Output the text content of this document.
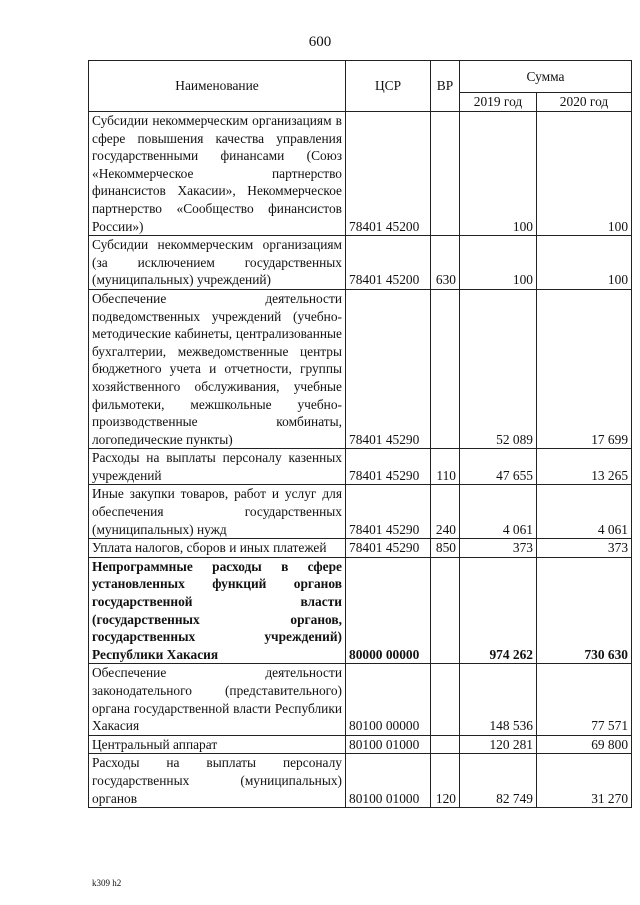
600
Наименование	ЦСР	ВР	Сумма	
			2019 год	2020 год
Субсидии некоммерческим организациям в сфере повышения качества управления государственными финансами (Союз «Некоммерческое партнерство финансистов Хакасии», Некоммерческое партнерство «Сообщество финансистов России»)	78401 45200		100	100
Субсидии некоммерческим организациям (за исключением государственных (муниципальных) учреждений)	78401 45200	630	100	100
Обеспечение деятельности подведомственных учреждений (учебно-методические кабинеты, централизованные бухгалтерии, межведомственные центры бюджетного учета и отчетности, группы хозяйственного обслуживания, учебные фильмотеки, межшкольные учебно-производственные комбинаты, логопедические пункты)	78401 45290		52 089	17 699
Расходы на выплаты персоналу казенных учреждений	78401 45290	110	47 655	13 265
Иные закупки товаров, работ и услуг для обеспечения государственных (муниципальных) нужд	78401 45290	240	4 061	4 061
Уплата налогов, сборов и иных платежей	78401 45290	850	373	373
Непрограммные расходы в сфере установленных функций органов государственной власти (государственных органов, государственных учреждений) Республики Хакасия	80000 00000		974 262	730 630
Обеспечение деятельности законодательного (представительного) органа государственной власти Республики Хакасия	80100 00000		148 536	77 571
Центральный аппарат	80100 01000		120 281	69 800
Расходы на выплаты персоналу государственных (муниципальных) органов	80100 01000	120	82 749	31 270
k309 h2
